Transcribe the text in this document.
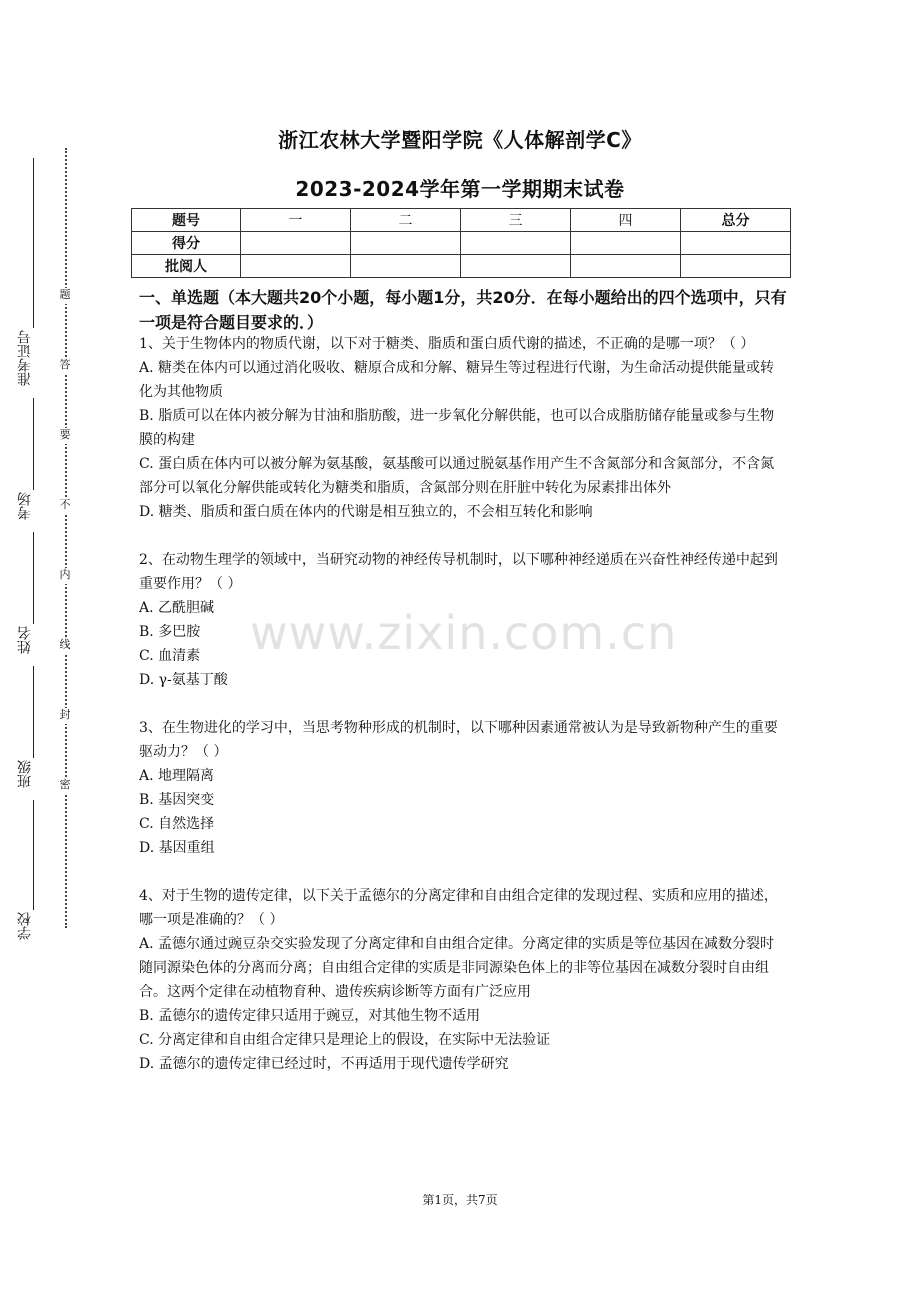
题
答
要
不
内
线
封
密
准考证号
考场
姓名
班级
学校
浙江农林大学暨阳学院《人体解剖学C》
2023-2024学年第一学期期末试卷
题号	一	二	三	四	总分
得分					
批阅人					
一、单选题（本大题共20个小题，每小题1分，共20分．在每小题给出的四个选项中，只有一项是符合题目要求的．）

1、关于生物体内的物质代谢，以下对于糖类、脂质和蛋白质代谢的描述，不正确的是哪一项？（ ）

A. 糖类在体内可以通过消化吸收、糖原合成和分解、糖异生等过程进行代谢，为生命活动提供能量或转化为其他物质

B. 脂质可以在体内被分解为甘油和脂肪酸，进一步氧化分解供能，也可以合成脂肪储存能量或参与生物膜的构建

C. 蛋白质在体内可以被分解为氨基酸，氨基酸可以通过脱氨基作用产生不含氮部分和含氮部分，不含氮部分可以氧化分解供能或转化为糖类和脂质，含氮部分则在肝脏中转化为尿素排出体外

D. 糖类、脂质和蛋白质在体内的代谢是相互独立的，不会相互转化和影响

2、在动物生理学的领域中，当研究动物的神经传导机制时，以下哪种神经递质在兴奋性神经传递中起到重要作用？（ ）

A. 乙酰胆碱

B. 多巴胺

C. 血清素

D. γ-氨基丁酸

3、在生物进化的学习中，当思考物种形成的机制时，以下哪种因素通常被认为是导致新物种产生的重要驱动力？（ ）

A. 地理隔离

B. 基因突变

C. 自然选择

D. 基因重组

4、对于生物的遗传定律，以下关于孟德尔的分离定律和自由组合定律的发现过程、实质和应用的描述，哪一项是准确的？（ ）

A. 孟德尔通过豌豆杂交实验发现了分离定律和自由组合定律。分离定律的实质是等位基因在减数分裂时随同源染色体的分离而分离；自由组合定律的实质是非同源染色体上的非等位基因在减数分裂时自由组合。这两个定律在动植物育种、遗传疾病诊断等方面有广泛应用

B. 孟德尔的遗传定律只适用于豌豆，对其他生物不适用

C. 分离定律和自由组合定律只是理论上的假设，在实际中无法验证

D. 孟德尔的遗传定律已经过时，不再适用于现代遗传学研究

www.zixin.com.cn
第1页，共7页
